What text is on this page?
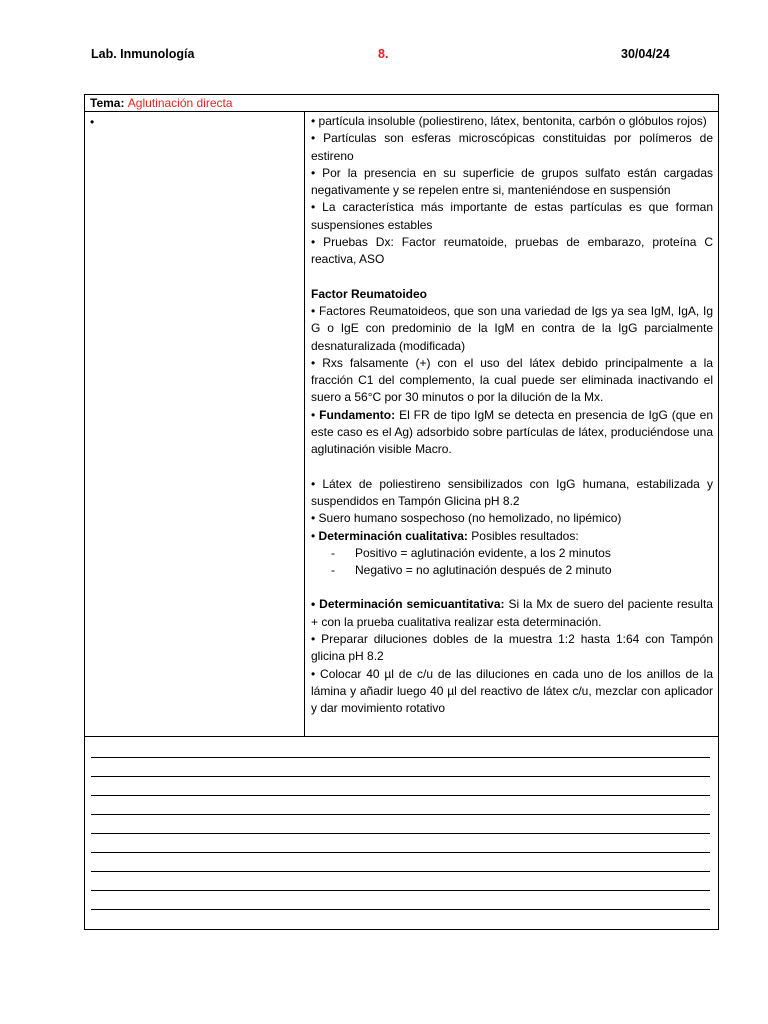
Lab. Inmunología	8.	30/04/24
Tema: Aglutinación directa
•	• partícula insoluble (poliestireno, látex, bentonita, carbón o glóbulos rojos)

• Partículas son esferas microscópicas constituidas por polímeros de estireno

• Por la presencia en su superficie de grupos sulfato están cargadas negativamente y se repelen entre si, manteniéndose en suspensión

• La característica más importante de estas partículas es que forman suspensiones estables

• Pruebas Dx: Factor reumatoide, pruebas de embarazo, proteína C reactiva, ASO

Factor Reumatoideo

• Factores Reumatoideos, que son una variedad de Igs ya sea IgM, IgA, Ig G o IgE con predominio de la IgM en contra de la IgG parcialmente desnaturalizada (modificada)

• Rxs falsamente (+) con el uso del látex debido principalmente a la fracción C1 del complemento, la cual puede ser eliminada inactivando el suero a 56°C por 30 minutos o por la dilución de la Mx.

• Fundamento: El FR de tipo IgM se detecta en presencia de IgG (que en este caso es el Ag) adsorbido sobre partículas de látex, produciéndose una aglutinación visible Macro.

• Látex de poliestireno sensibilizados con IgG humana, estabilizada y suspendidos en Tampón Glicina pH 8.2

• Suero humano sospechoso (no hemolizado, no lipémico)

• Determinación cualitativa: Posibles resultados:

- Positivo = aglutinación evidente, a los 2 minutos

- Negativo = no aglutinación después de 2 minuto

• Determinación semicuantitativa: Si la Mx de suero del paciente resulta + con la prueba cualitativa realizar esta determinación.

• Preparar diluciones dobles de la muestra 1:2 hasta 1:64 con Tampón glicina pH 8.2

• Colocar 40 µl de c/u de las diluciones en cada uno de los anillos de la lámina y añadir luego 40 µl del reactivo de látex c/u, mezclar con aplicador y dar movimiento rotativo
